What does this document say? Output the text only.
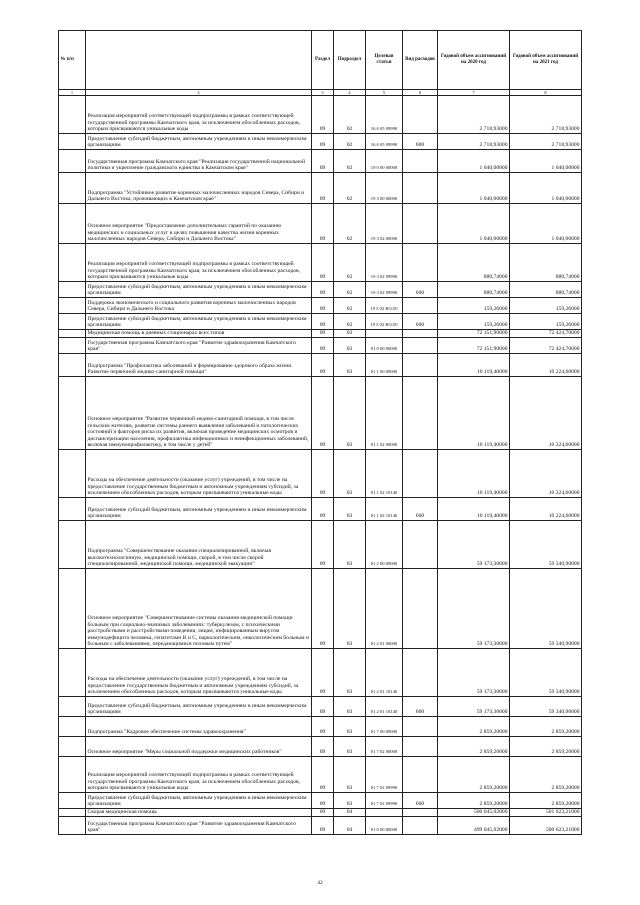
№ п/п		Раздел	Подраздел	Целевая статья	Вид расходов	Годовой объем ассигнований на 2020 год	Годовой объем ассигнований на 2021 год
1	2	3	4	5	6	7	8
	Реализация мероприятий соответствующей подпрограммы в рамках соответствующей государственной программы Камчатского края, за исключением обособленных расходов, которым присваиваются уникальные коды	09	02	16 6 05 09990		2 718,93000	2 718,93000
	Предоставление субсидий бюджетным, автономным учреждениям и иным некоммерческим организациям	09	02	16 6 05 09990	600	2 718,93000	2 718,93000
	Государственная программа Камчатского края "Реализация государственной национальной политики и укрепление гражданского единства в Камчатском крае"	09	02	19 0 00 00000		1 040,00000	1 040,00000
	Подпрограмма "Устойчивое развитие коренных малочисленных народов Севера, Сибири и Дальнего Востока, проживающих в Камчатском крае"	09	02	19 3 00 00000		1 040,00000	1 040,00000
	Основное мероприятие "Предоставление дополнительных гарантий по оказанию медицинских и социальных услуг в целях повышения качества жизни коренных малочисленных народов Севера, Сибири и Дальнего Востока"	09	02	19 3 02 00000		1 040,00000	1 040,00000
	Реализация мероприятий соответствующей подпрограммы в рамках соответствующей государственной программы Камчатского края, за исключением обособленных расходов, которым присваиваются уникальные коды	09	02	19 3 02 09990		880,74000	880,74000
	Предоставление субсидий бюджетным, автономным учреждениям и иным некоммерческим организациям	09	02	19 3 02 09990	600	880,74000	880,74000
	Поддержка экономического и социального развития коренных малочисленных народов Севера, Сибири и Дальнего Востока	09	02	19 3 02 R5150		159,26000	159,26000
	Предоставление субсидий бюджетным, автономным учреждениям и иным некоммерческим организациям	09	02	19 3 02 R5150	600	159,26000	159,26000
	Медицинская помощь в дневных стационарах всех типов	09	03			72 151,90000	72 424,70000
	Государственная программа Камчатского края "Развитие здравоохранения Камчатского края"	09	03	01 0 00 00000		72 151,90000	72 424,70000
	Подпрограмма "Профилактика заболеваний и формирование здорового образа жизни. Развитие первичной медико-санитарной помощи"	09	03	01 1 00 00000		10 119,40000	10 224,60000
	Основное мероприятие "Развитие первичной медико-санитарной помощи, в том числе сельским жителям, развитие системы раннего выявления заболеваний и патологических состояний и факторов риска их развития, включая проведение медицинских осмотров и диспансеризации населения, профилактика инфекционных и неинфекционных заболеваний, включая иммунопрофилактику, в том числе у детей"	09	03	01 1 02 00000		10 119,40000	10 224,60000
	Расходы на обеспечение деятельности (оказание услуг) учреждений, в том числе на предоставление государственным бюджетным и автономным учреждениям субсидий, за исключением обособленных расходов, которым присваиваются уникальные коды	09	03	01 1 02 10140		10 119,40000	10 224,60000
	Предоставление субсидий бюджетным, автономным учреждениям и иным некоммерческим организациям	09	03	01 1 02 10140	600	10 119,40000	10 224,60000
	Подпрограмма "Совершенствование оказания специализированной, включая высокотехнологичную, медицинской помощи, скорой, в том числе скорой специализированной, медицинской помощи, медицинской эвакуации"	09	03	01 2 00 00000		59 173,30000	59 340,90000
	Основное мероприятие "Совершенствование системы оказания медицинской помощи больным при социально-значимых заболеваниях: туберкулезом, с психическими расстройствами и расстройствами поведения, лицам, инфицированным вирусом иммунодефицита человека, гепатитами В и С, наркологическим, онкологическим больным и больным с заболеваниями, передающимися половым путем"	09	03	01 2 01 00000		59 173,30000	59 340,90000
	Расходы на обеспечение деятельности (оказание услуг) учреждений, в том числе на предоставление государственным бюджетным и автономным учреждениям субсидий, за исключением обособленных расходов, которым присваиваются уникальные коды	09	03	01 2 01 10140		59 173,30000	59 340,90000
	Предоставление субсидий бюджетным, автономным учреждениям и иным некоммерческим организациям	09	03	01 2 01 10140	600	59 173,30000	59 340,90000
	Подпрограмма "Кадровое обеспечение системы здравоохранения"	09	03	01 7 00 00000		2 859,20000	2 859,20000
	Основное мероприятие "Меры социальной поддержки медицинских работников"	09	03	01 7 02 00000		2 859,20000	2 859,20000
	Реализация мероприятий соответствующей подпрограммы в рамках соответствующей государственной программы Камчатского края, за исключением обособленных расходов, которым присваиваются уникальные коды	09	03	01 7 02 09990		2 859,20000	2 859,20000
	Предоставление субсидий бюджетным, автономным учреждениям и иным некоммерческим организациям	09	03	01 7 02 09990	600	2 859,20000	2 859,20000
	Скорая медицинская помощь	09	04			500 045,02000	501 623,21000
	Государственная программа Камчатского края "Развитие здравоохранения Камчатского края"	09	04	01 0 00 00000		499 045,02000	500 623,21000
42
